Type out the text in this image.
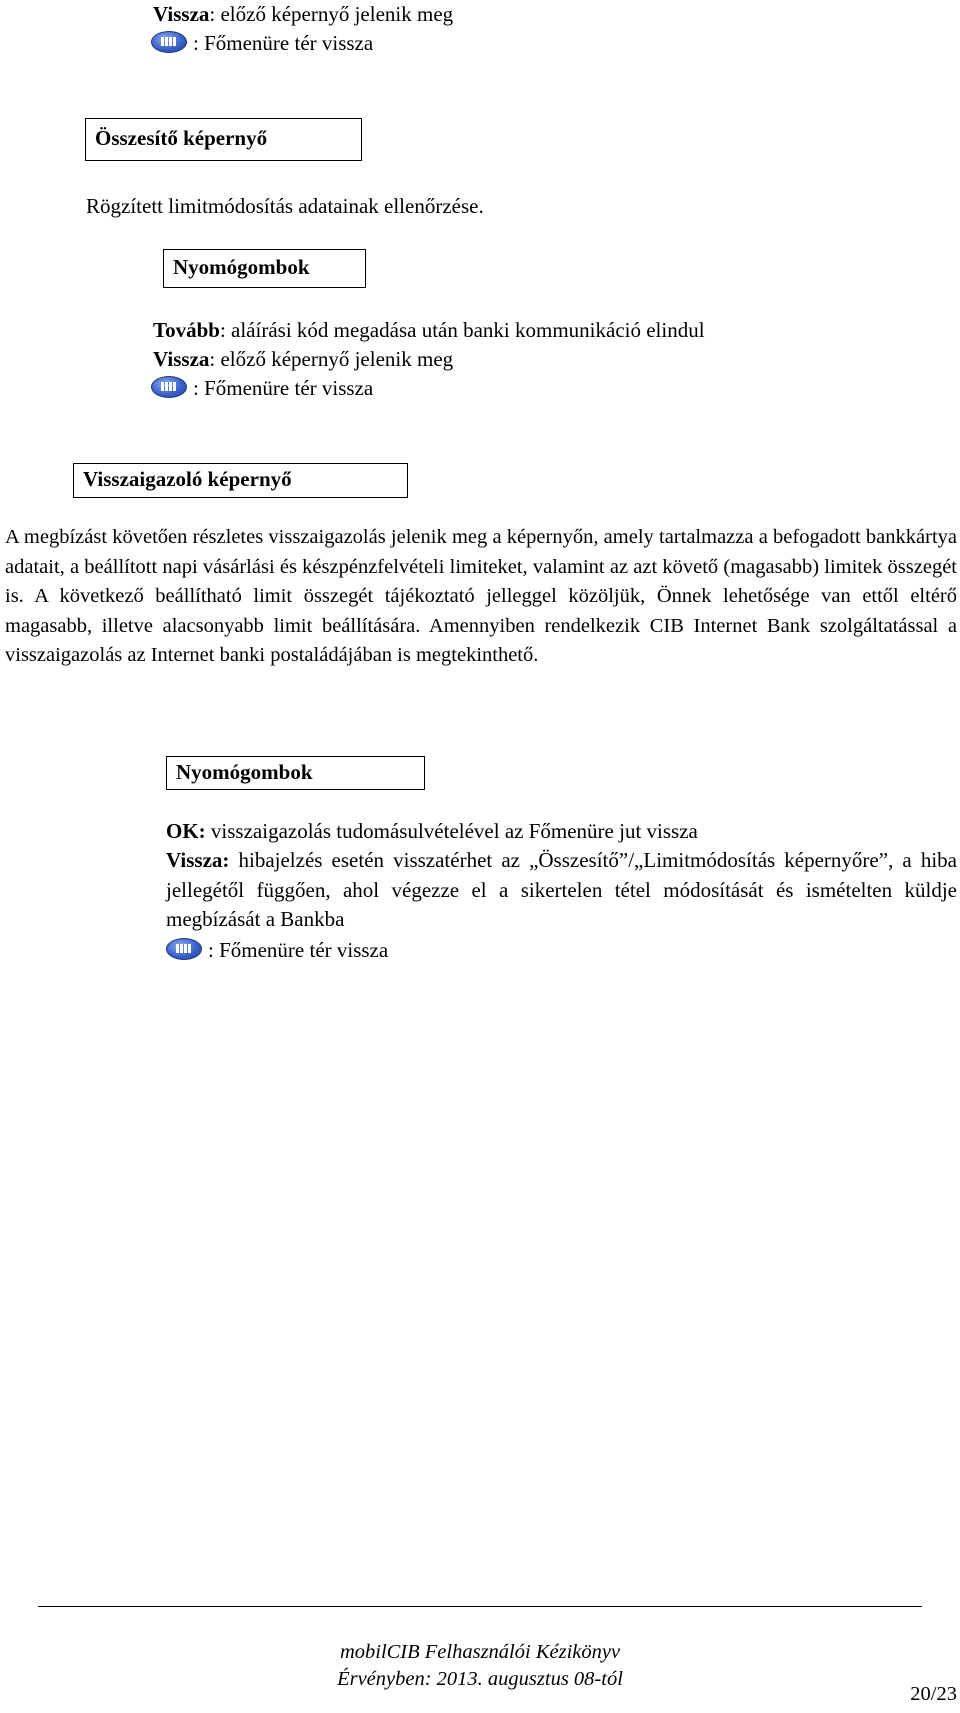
Vissza: előző képernyő jelenik meg
: Főmenüre tér vissza
Összesítő képernyő
Rögzített limitmódosítás adatainak ellenőrzése.
Nyomógombok
Tovább: aláírási kód megadása után banki kommunikáció elindul
Vissza: előző képernyő jelenik meg
: Főmenüre tér vissza
Visszaigazoló képernyő
A megbízást követően részletes visszaigazolás jelenik meg a képernyőn, amely tartalmazza a befogadott bankkártya adatait, a beállított napi vásárlási és készpénzfelvételi limiteket, valamint az azt követő (magasabb) limitek összegét is. A következő beállítható limit összegét tájékoztató jelleggel közöljük, Önnek lehetősége van ettől eltérő magasabb, illetve alacsonyabb limit beállítására. Amennyiben rendelkezik CIB Internet Bank szolgáltatással a visszaigazolás az Internet banki postaládájában is megtekinthető.
Nyomógombok
OK: visszaigazolás tudomásulvételével az Főmenüre jut vissza
Vissza: hibajelzés esetén visszatérhet az „Összesítő”/„Limitmódosítás képernyőre”, a hiba jellegétől függően, ahol végezze el a sikertelen tétel módosítását és ismételten küldje megbízását a Bankba
: Főmenüre tér vissza
mobilCIB Felhasználói Kézikönyv
Érvényben: 2013. augusztus 08-tól
20/23
